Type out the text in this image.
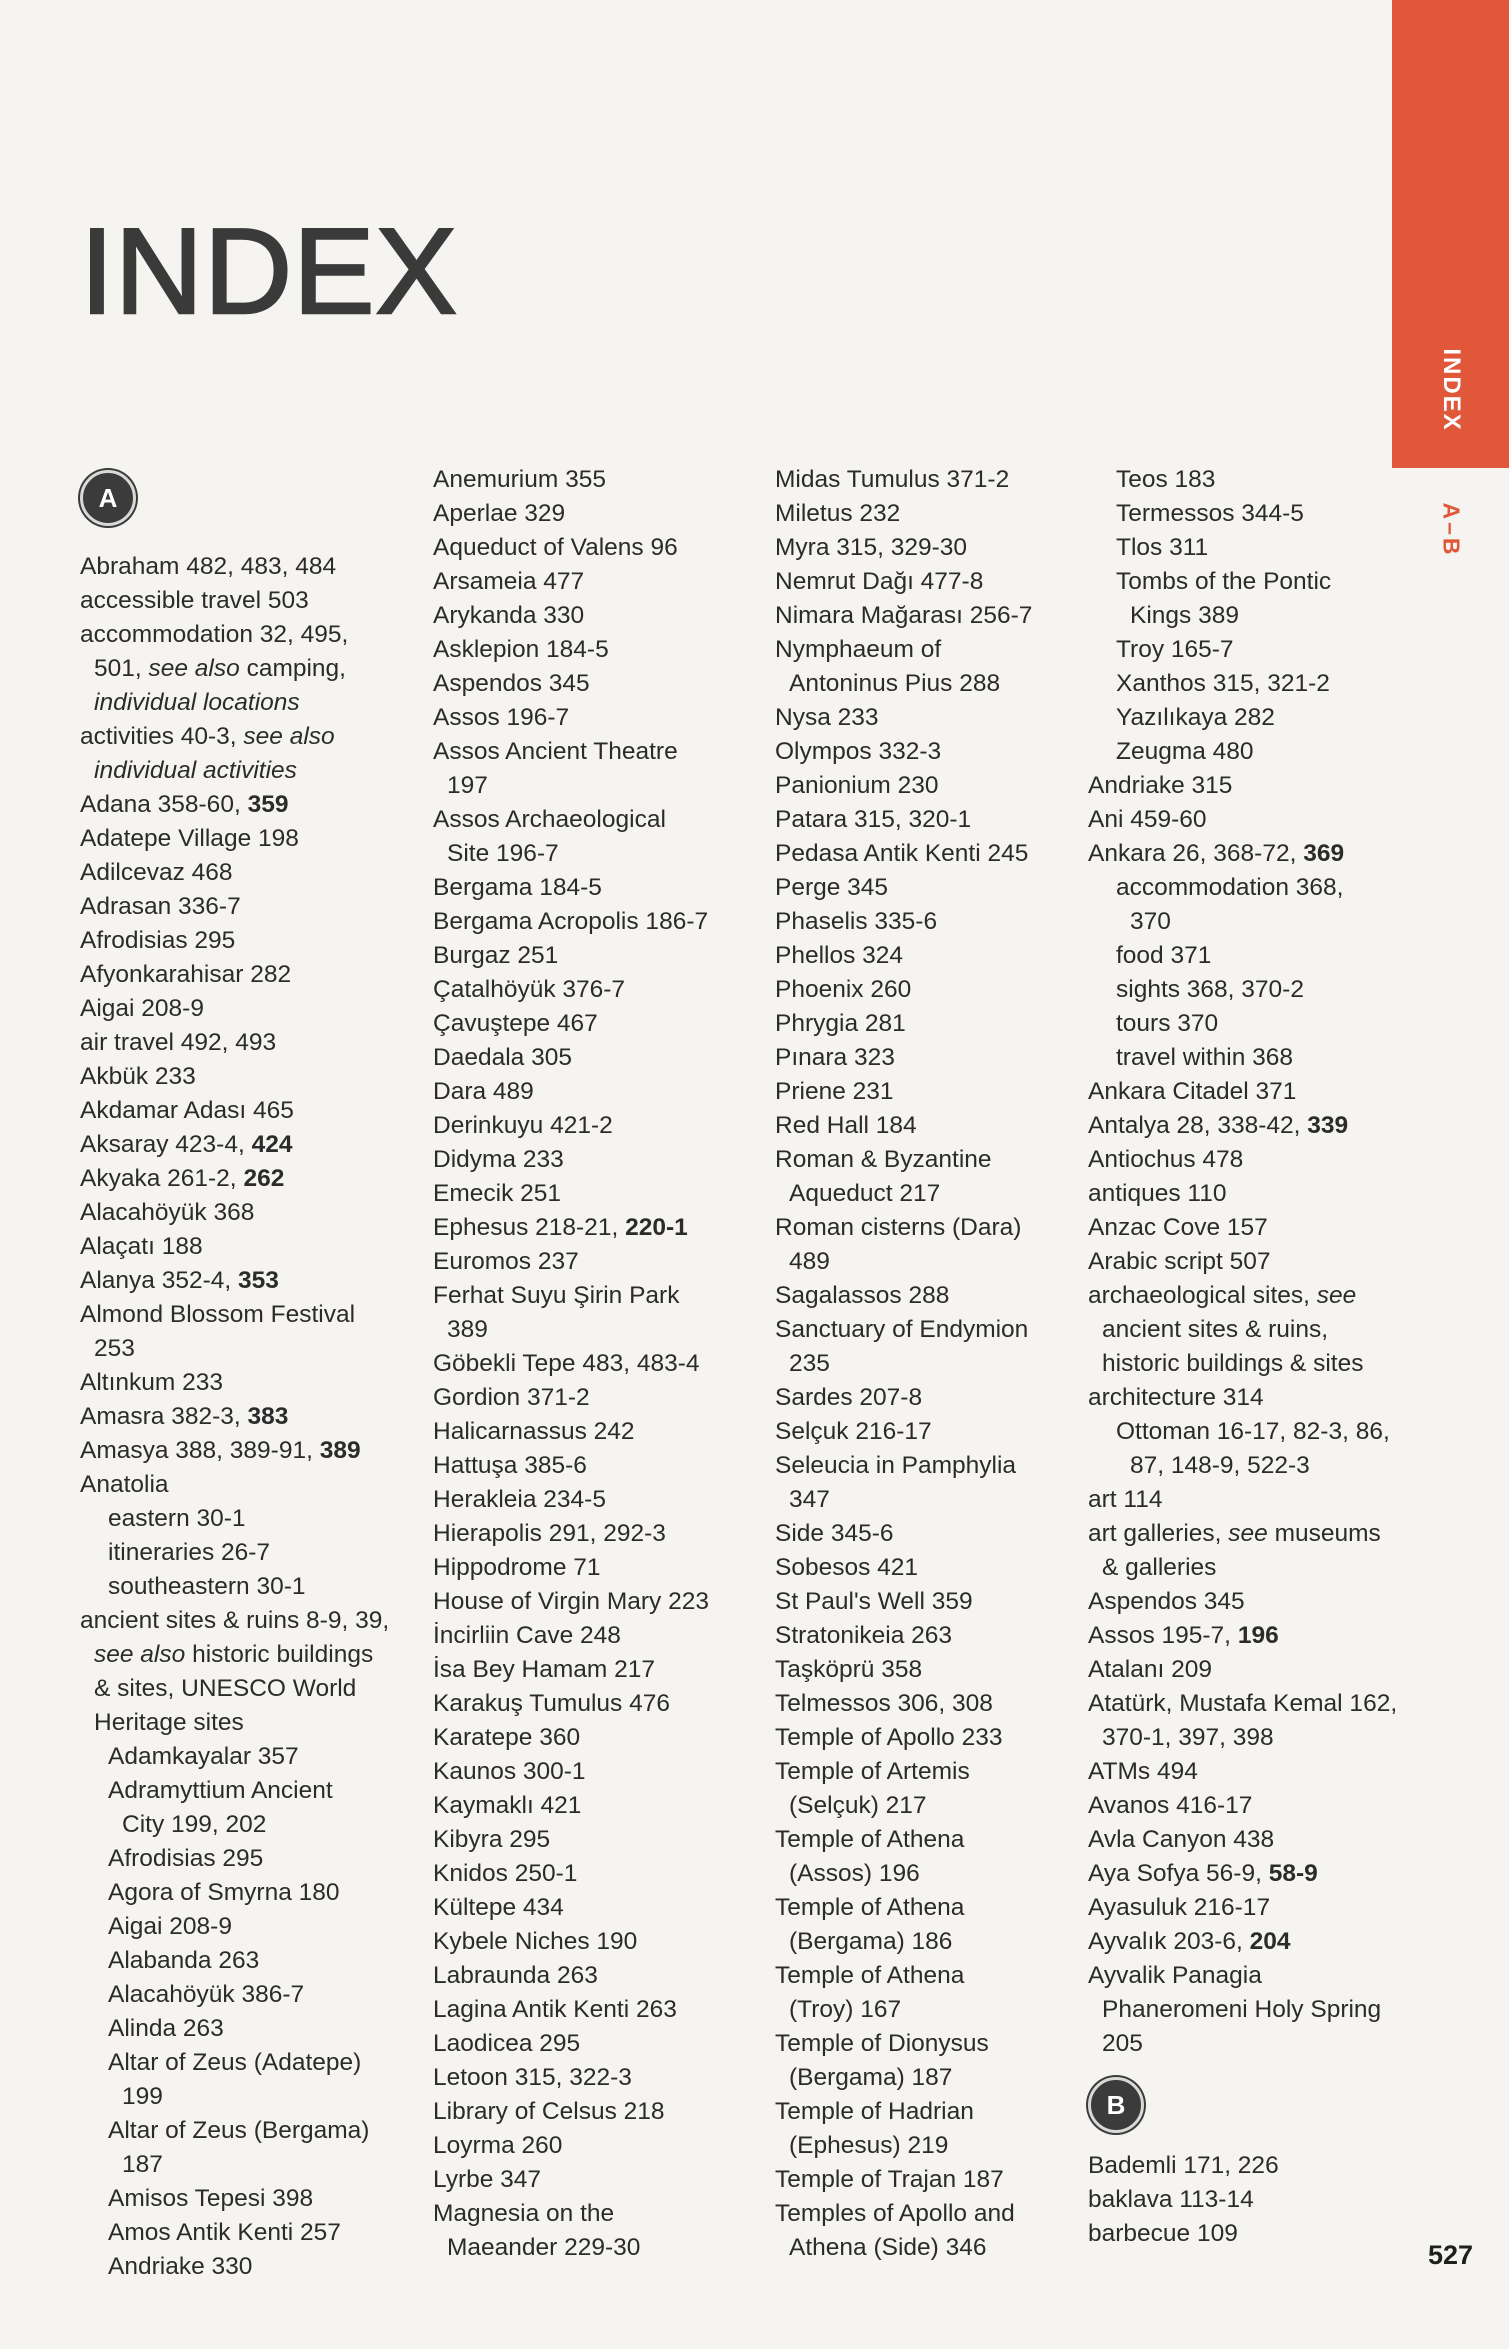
INDEX
A–B
INDEX
A
Abraham 482, 483, 484
accessible travel 503
accommodation 32, 495,
501, see also camping,
individual locations
activities 40-3, see also
individual activities
Adana 358-60, 359
Adatepe Village 198
Adilcevaz 468
Adrasan 336-7
Afrodisias 295
Afyonkarahisar 282
Aigai 208-9
air travel 492, 493
Akbük 233
Akdamar Adası 465
Aksaray 423-4, 424
Akyaka 261-2, 262
Alacahöyük 368
Alaçatı 188
Alanya 352-4, 353
Almond Blossom Festival
253
Altınkum 233
Amasra 382-3, 383
Amasya 388, 389-91, 389
Anatolia
eastern 30-1
itineraries 26-7
southeastern 30-1
ancient sites & ruins 8-9, 39,
see also historic buildings
& sites, UNESCO World
Heritage sites
Adamkayalar 357
Adramyttium Ancient
City 199, 202
Afrodisias 295
Agora of Smyrna 180
Aigai 208-9
Alabanda 263
Alacahöyük 386-7
Alinda 263
Altar of Zeus (Adatepe)
199
Altar of Zeus (Bergama)
187
Amisos Tepesi 398
Amos Antik Kenti 257
Andriake 330
Anemurium 355
Aperlae 329
Aqueduct of Valens 96
Arsameia 477
Arykanda 330
Asklepion 184-5
Aspendos 345
Assos 196-7
Assos Ancient Theatre
197
Assos Archaeological
Site 196-7
Bergama 184-5
Bergama Acropolis 186-7
Burgaz 251
Çatalhöyük 376-7
Çavuştepe 467
Daedala 305
Dara 489
Derinkuyu 421-2
Didyma 233
Emecik 251
Ephesus 218-21, 220-1
Euromos 237
Ferhat Suyu Şirin Park
389
Göbekli Tepe 483, 483-4
Gordion 371-2
Halicarnassus 242
Hattuşa 385-6
Herakleia 234-5
Hierapolis 291, 292-3
Hippodrome 71
House of Virgin Mary 223
İncirliin Cave 248
İsa Bey Hamam 217
Karakuş Tumulus 476
Karatepe 360
Kaunos 300-1
Kaymaklı 421
Kibyra 295
Knidos 250-1
Kültepe 434
Kybele Niches 190
Labraunda 263
Lagina Antik Kenti 263
Laodicea 295
Letoon 315, 322-3
Library of Celsus 218
Loyrma 260
Lyrbe 347
Magnesia on the
Maeander 229-30
Midas Tumulus 371-2
Miletus 232
Myra 315, 329-30
Nemrut Dağı 477-8
Nimara Mağarası 256-7
Nymphaeum of
Antoninus Pius 288
Nysa 233
Olympos 332-3
Panionium 230
Patara 315, 320-1
Pedasa Antik Kenti 245
Perge 345
Phaselis 335-6
Phellos 324
Phoenix 260
Phrygia 281
Pınara 323
Priene 231
Red Hall 184
Roman & Byzantine
Aqueduct 217
Roman cisterns (Dara)
489
Sagalassos 288
Sanctuary of Endymion
235
Sardes 207-8
Selçuk 216-17
Seleucia in Pamphylia
347
Side 345-6
Sobesos 421
St Paul's Well 359
Stratonikeia 263
Taşköprü 358
Telmessos 306, 308
Temple of Apollo 233
Temple of Artemis
(Selçuk) 217
Temple of Athena
(Assos) 196
Temple of Athena
(Bergama) 186
Temple of Athena
(Troy) 167
Temple of Dionysus
(Bergama) 187
Temple of Hadrian
(Ephesus) 219
Temple of Trajan 187
Temples of Apollo and
Athena (Side) 346
Teos 183
Termessos 344-5
Tlos 311
Tombs of the Pontic
Kings 389
Troy 165-7
Xanthos 315, 321-2
Yazılıkaya 282
Zeugma 480
Andriake 315
Ani 459-60
Ankara 26, 368-72, 369
accommodation 368,
370
food 371
sights 368, 370-2
tours 370
travel within 368
Ankara Citadel 371
Antalya 28, 338-42, 339
Antiochus 478
antiques 110
Anzac Cove 157
Arabic script 507
archaeological sites, see
ancient sites & ruins,
historic buildings & sites
architecture 314
Ottoman 16-17, 82-3, 86,
87, 148-9, 522-3
art 114
art galleries, see museums
& galleries
Aspendos 345
Assos 195-7, 196
Atalanı 209
Atatürk, Mustafa Kemal 162,
370-1, 397, 398
ATMs 494
Avanos 416-17
Avla Canyon 438
Aya Sofya 56-9, 58-9
Ayasuluk 216-17
Ayvalık 203-6, 204
Ayvalik Panagia
Phaneromeni Holy Spring
205
B
Bademli 171, 226
baklava 113-14
barbecue 109
527
